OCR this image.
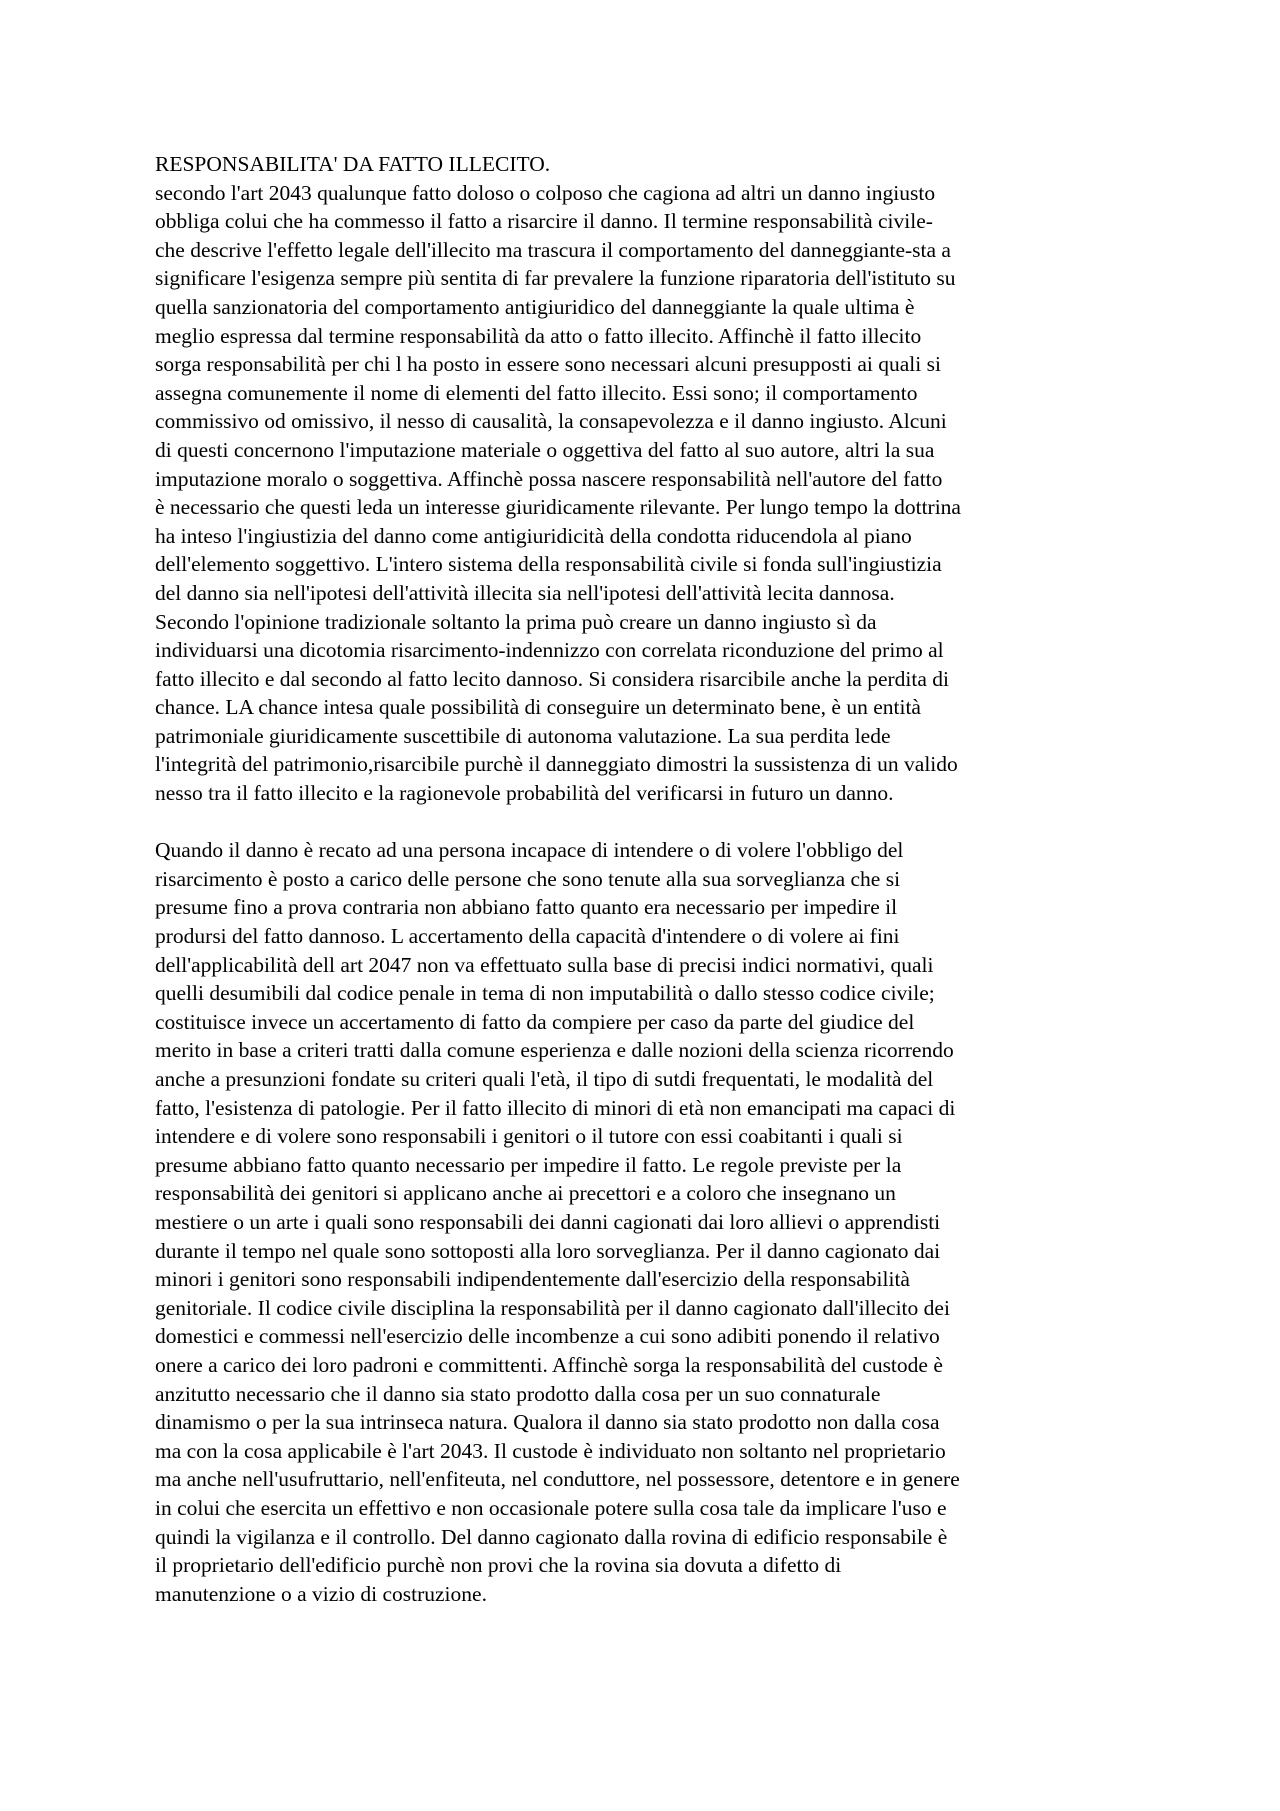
RESPONSABILITA' DA FATTO ILLECITO.
secondo l'art 2043 qualunque fatto doloso o colposo che cagiona ad altri un danno ingiusto
obbliga colui che ha commesso il fatto a risarcire il danno. Il termine responsabilità civile-
che descrive l'effetto legale dell'illecito ma trascura il comportamento del danneggiante-sta a
significare l'esigenza sempre più sentita di far prevalere la funzione riparatoria dell'istituto su
quella sanzionatoria del comportamento antigiuridico del danneggiante la quale ultima è
meglio espressa dal termine responsabilità da atto o fatto illecito. Affinchè il fatto illecito
sorga responsabilità per chi l ha posto in essere sono necessari alcuni presupposti ai quali si
assegna comunemente il nome di elementi del fatto illecito. Essi sono; il comportamento
commissivo od omissivo, il nesso di causalità, la consapevolezza e il danno ingiusto. Alcuni
di questi concernono l'imputazione materiale o oggettiva del fatto al suo autore, altri la sua
imputazione moralo o soggettiva. Affinchè possa nascere responsabilità nell'autore del fatto
è necessario che questi leda un interesse giuridicamente rilevante. Per lungo tempo la dottrina
ha inteso l'ingiustizia del danno come antigiuridicità della condotta riducendola al piano
dell'elemento soggettivo. L'intero sistema della responsabilità civile si fonda sull'ingiustizia
del danno sia nell'ipotesi dell'attività illecita sia nell'ipotesi dell'attività lecita dannosa.
Secondo l'opinione tradizionale soltanto la prima può creare un danno ingiusto sì da
individuarsi una dicotomia risarcimento-indennizzo con correlata riconduzione del primo al
fatto illecito e dal secondo al fatto lecito dannoso. Si considera risarcibile anche la perdita di
chance. LA chance intesa quale possibilità di conseguire un determinato bene, è un entità
patrimoniale giuridicamente suscettibile di autonoma valutazione. La sua perdita lede
l'integrità del patrimonio,risarcibile purchè il danneggiato dimostri la sussistenza di un valido
nesso tra il fatto illecito e la ragionevole probabilità del verificarsi in futuro un danno.
Quando il danno è recato ad una persona incapace di intendere o di volere l'obbligo del
risarcimento è posto a carico delle persone che sono tenute alla sua sorveglianza che si
presume fino a prova contraria non abbiano fatto quanto era necessario per impedire il
prodursi del fatto dannoso. L accertamento della capacità d'intendere o di volere ai fini
dell'applicabilità dell art 2047 non va effettuato sulla base di precisi indici normativi, quali
quelli desumibili dal codice penale in tema di non imputabilità o dallo stesso codice civile;
costituisce invece un accertamento di fatto da compiere per caso da parte del giudice del
merito in base a criteri tratti dalla comune esperienza e dalle nozioni della scienza ricorrendo
anche a presunzioni fondate su criteri quali l'età, il tipo di sutdi frequentati, le modalità del
fatto, l'esistenza di patologie. Per il fatto illecito di minori di età non emancipati ma capaci di
intendere e di volere sono responsabili i genitori o il tutore con essi coabitanti i quali si
presume abbiano fatto quanto necessario per impedire il fatto. Le regole previste per la
responsabilità dei genitori si applicano anche ai precettori e a coloro che insegnano un
mestiere o un arte i quali sono responsabili dei danni cagionati dai loro allievi o apprendisti
durante il tempo nel quale sono sottoposti alla loro sorveglianza. Per il danno cagionato dai
minori i genitori sono responsabili indipendentemente dall'esercizio della responsabilità
genitoriale. Il codice civile disciplina la responsabilità per il danno cagionato dall'illecito dei
domestici e commessi nell'esercizio delle incombenze a cui sono adibiti ponendo il relativo
onere a carico dei loro padroni e committenti. Affinchè sorga la responsabilità del custode è
anzitutto necessario che il danno sia stato prodotto dalla cosa per un suo connaturale
dinamismo o per la sua intrinseca natura. Qualora il danno sia stato prodotto non dalla cosa
ma con la cosa applicabile è l'art 2043. Il custode è individuato non soltanto nel proprietario
ma anche nell'usufruttario, nell'enfiteuta, nel conduttore, nel possessore, detentore e in genere
in colui che esercita un effettivo e non occasionale potere sulla cosa tale da implicare l'uso e
quindi la vigilanza e il controllo. Del danno cagionato dalla rovina di edificio responsabile è
il proprietario dell'edificio purchè non provi che la rovina sia dovuta a difetto di
manutenzione o a vizio di costruzione.
